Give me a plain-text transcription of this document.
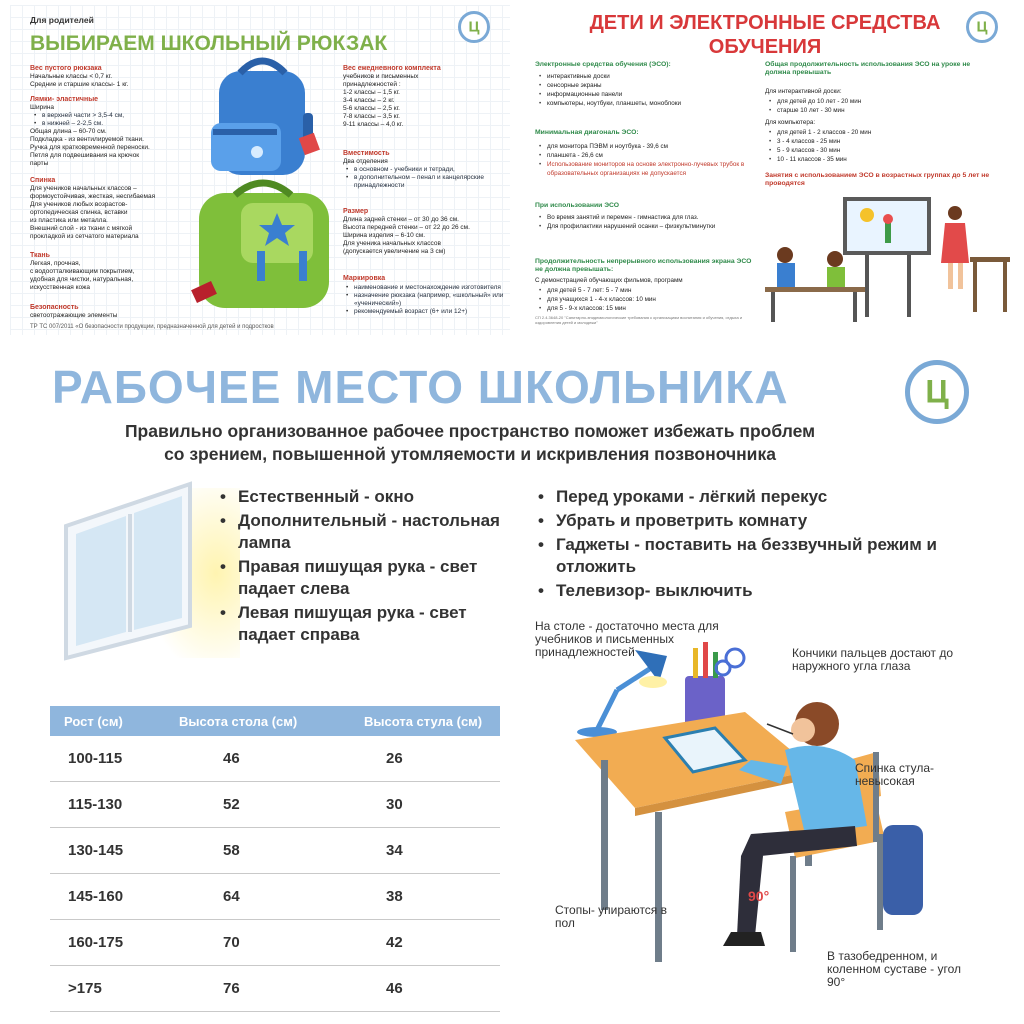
Для родителей
ВЫБИРАЕМ ШКОЛЬНЫЙ РЮКЗАК
Ц
Вес пустого рюкзака
Начальные классы < 0,7 кг.
Средние и старшие классы- 1 кг.
Лямки- эластичные
Ширина
• в верхней части > 3,5-4 см,
• в нижней – 2-2,5 см.
Общая длина – 60-70 см.
Подкладка - из вентилируемой ткани.
Ручка для кратковременной переноски.
Петля для подвешивания на крючок
парты
Спинка
Для учеников начальных классов –
формоустойчивая, жесткая, несгибаемая
Для учеников любых возрастов-
ортопедическая спинка, вставки
из пластика или металла.
Внешний слой - из ткани с мягкой
прокладкой из сетчатого материала
Ткань
Легкая, прочная,
с водоотталкивающим покрытием,
удобная для чистки, натуральная,
искусственная кожа
Безопасность
светоотражающие элементы
ТР ТС 007/2011 «О безопасности продукции, предназначенной для детей и подростков
Вес ежедневного комплекта
учебников и письменных
принадлежностей :
1-2 классы – 1,5 кг.
3-4 классы – 2 кг.
5-6 классы – 2,5 кг.
7-8 классы – 3,5 кг.
9-11 классы – 4,0 кг.
Вместимость
Два отделения
• в основном - учебники и тетради,
• в дополнительном – пенал и канцелярские принадлежности
Размер
Длина задней стенки – от 30 до 36 см.
Высота передней стенки – от 22 до 26 см.
Ширина изделия – 6-10 см.
Для ученика начальных классов
(допускается увеличение на 3 см)
Маркировка
• наименование и местонахождение изготовителя
• назначение рюкзака (например, «школьный» или «ученический»)
• рекомендуемый возраст (6+ или 12+)
ДЕТИ И ЭЛЕКТРОННЫЕ СРЕДСТВА ОБУЧЕНИЯ
Ц
Электронные средства обучения (ЭСО):
• интерактивные доски
• сенсорные экраны
• информационные панели
• компьютеры, ноутбуки, планшеты, моноблоки
Минимальная диагональ ЭСО:
• для монитора ПЭВМ и ноутбука - 39,6 см
• планшета - 26,6 см
• Использование мониторов на основе электронно-лучевых трубок в образовательных организациях не допускается
При использовании ЭСО
• Во время занятий и перемен - гимнастика для глаз.
• Для профилактики нарушений осанки – физкультминутки
Продолжительность непрерывного использования экрана ЭСО не должна превышать:
С демонстрацией обучающих фильмов, программ
• для детей 5 - 7 лет: 5 - 7 мин
• для учащихся 1 - 4-х классов: 10 мин
• для 5 - 9-х классов: 15 мин
СП 2.4.3648-20 "Санитарно-эпидемиологические требования к организациям воспитания и обучения, отдыха и оздоровления детей и молодежи"
Общая продолжительность использования ЭСО на уроке не должна превышать
Для интерактивной доски:
• для детей до 10 лет - 20 мин
• старше 10 лет - 30 мин
Для компьютера:
• для детей 1 - 2 классов - 20 мин
• 3 - 4 классов - 25 мин
• 5 - 9 классов - 30 мин
• 10 - 11 классов - 35 мин
Занятия с использованием ЭСО в возрастных группах до 5 лет не проводятся
РАБОЧЕЕ МЕСТО ШКОЛЬНИКА	Ц
Правильно организованное рабочее пространство поможет избежать проблем
со зрением, повышенной утомляемости и искривления позвоночника
• Естественный - окно
• Дополнительный - настольная лампа
• Правая пишущая рука - свет падает слева
• Левая пишущая рука - свет падает справа
• Перед уроками - лёгкий перекус
• Убрать и проветрить комнату
• Гаджеты - поставить на беззвучный режим и отложить
• Телевизор- выключить
Рост (см)	Высота стола (см)	Высота стула (см)
100-115	46	26
115-130	52	30
130-145	58	34
145-160	64	38
160-175	70	42
>175	76	46
На столе - достаточно места для учебников и письменных принадлежностей	Кончики пальцев достают до наружного угла глаза
Спинка стула- невысокая
Стопы- упираются в пол
В тазобедренном, и коленном суставе - угол 90°
90°
